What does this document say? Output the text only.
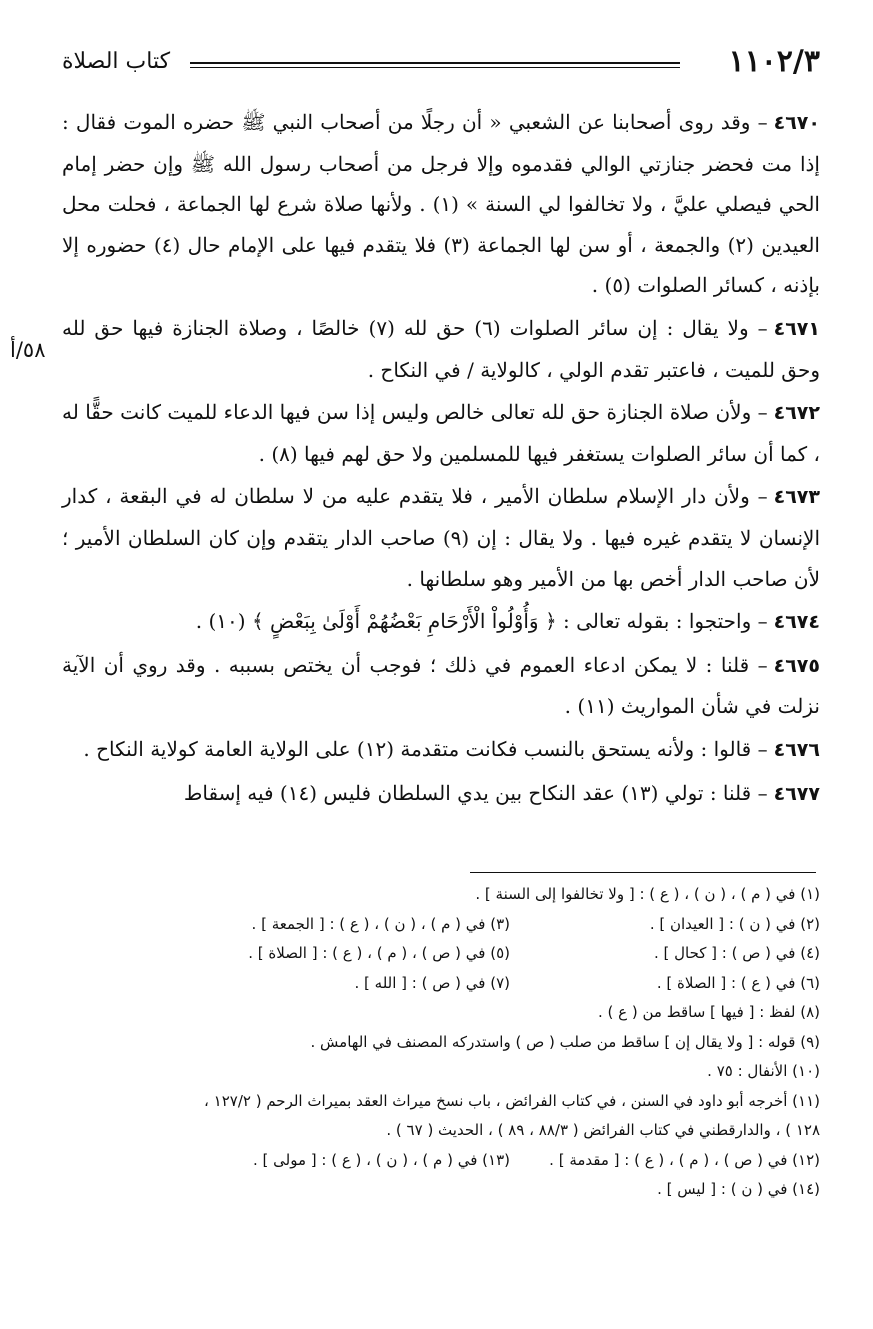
١١٠٢/٣
كتاب الصلاة
٥٨/أ

٤٦٧٠– وقد روى أصحابنا عن الشعبي « أن رجلًا من أصحاب النبي ﷺ حضره الموت فقال : إذا مت فحضر جنازتي الوالي فقدموه وإلا فرجل من أصحاب رسول الله ﷺ وإن حضر إمام الحي فيصلي عليَّ ، ولا تخالفوا لي السنة » (١) . ولأنها صلاة شرع لها الجماعة ، فحلت محل العيدين (٢) والجمعة ، أو سن لها الجماعة (٣) فلا يتقدم فيها على الإمام حال (٤) حضوره إلا بإذنه ، كسائر الصلوات (٥) .

٤٦٧١– ولا يقال : إن سائر الصلوات (٦) حق لله (٧) خالصًا ، وصلاة الجنازة فيها حق لله وحق للميت ، فاعتبر تقدم الولي ، كالولاية / في النكاح .

٤٦٧٢– ولأن صلاة الجنازة حق لله تعالى خالص وليس إذا سن فيها الدعاء للميت كانت حقًّا له ، كما أن سائر الصلوات يستغفر فيها للمسلمين ولا حق لهم فيها (٨) .

٤٦٧٣– ولأن دار الإسلام سلطان الأمير ، فلا يتقدم عليه من لا سلطان له في البقعة ، كدار الإنسان لا يتقدم غيره فيها . ولا يقال : إن (٩) صاحب الدار يتقدم وإن كان السلطان الأمير ؛ لأن صاحب الدار أخص بها من الأمير وهو سلطانها .

٤٦٧٤– واحتجوا : بقوله تعالى : ﴿ وَأُوْلُواْ الْأَرْحَامِ بَعْضُهُمْ أَوْلَىٰ بِبَعْضٍ ﴾ (١٠) .

٤٦٧٥– قلنا : لا يمكن ادعاء العموم في ذلك ؛ فوجب أن يختص بسببه . وقد روي أن الآية نزلت في شأن المواريث (١١) .

٤٦٧٦– قالوا : ولأنه يستحق بالنسب فكانت متقدمة (١٢) على الولاية العامة كولاية النكاح .

٤٦٧٧– قلنا : تولي (١٣) عقد النكاح بين يدي السلطان فليس (١٤) فيه إسقاط

(١) في ( م ) ، ( ن ) ، ( ع ) : [ ولا تخالفوا إلى السنة ] .
(٢) في ( ن ) : [ العيدان ] .
(٣) في ( م ) ، ( ن ) ، ( ع ) : [ الجمعة ] .
(٤) في ( ص ) : [ كحال ] .
(٥) في ( ص ) ، ( م ) ، ( ع ) : [ الصلاة ] .
(٦) في ( ع ) : [ الصلاة ] .
(٧) في ( ص ) : [ الله ] .
(٨) لفظ : [ فيها ] ساقط من ( ع ) .
(٩) قوله : [ ولا يقال إن ] ساقط من صلب ( ص ) واستدركه المصنف في الهامش .
(١٠) الأنفال : ٧٥ .
(١١) أخرجه أبو داود في السنن ، في كتاب الفرائض ، باب نسخ ميراث العقد بميراث الرحم ( ١٢٧/٢ ،
١٢٨ ) ، والدارقطني في كتاب الفرائض ( ٨٨/٣ ، ٨٩ ) ، الحديث ( ٦٧ ) .
(١٢) في ( ص ) ، ( م ) ، ( ع ) : [ مقدمة ] .
(١٣) في ( م ) ، ( ن ) ، ( ع ) : [ مولى ] .
(١٤) في ( ن ) : [ ليس ] .
